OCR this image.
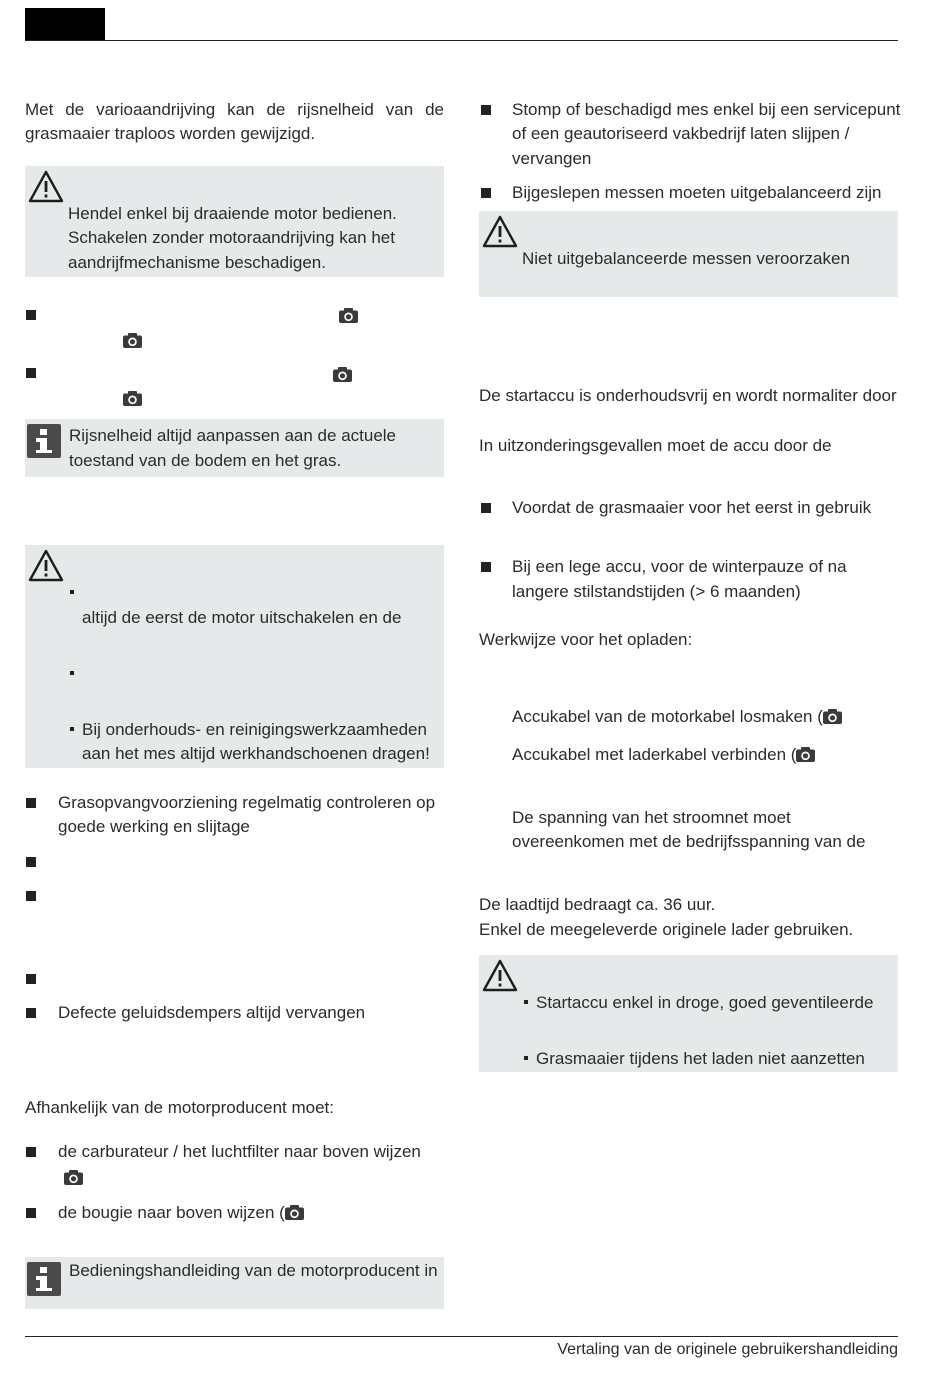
Met de varioaandrijving kan de rijsnelheid van de
grasmaaier traploos worden gewijzigd.
Hendel enkel bij draaiende motor bedienen.
Schakelen zonder motoraandrijving kan het
aandrijfmechanisme beschadigen.
Rijsnelheid altijd aanpassen aan de actuele
toestand van de bodem en het gras.
altijd de eerst de motor uitschakelen en de
Bij onderhouds- en reinigingswerkzaamheden
aan het mes altijd werkhandschoenen dragen!
Grasopvangvoorziening regelmatig controleren op
goede werking en slijtage
Defecte geluidsdempers altijd vervangen
Afhankelijk van de motorproducent moet:
de carburateur / het luchtfilter naar boven wijzen
de bougie naar boven wijzen (
Bedieningshandleiding van de motorproducent in
Stomp of beschadigd mes enkel bij een servicepunt
of een geautoriseerd vakbedrijf laten slijpen /
vervangen
Bijgeslepen messen moeten uitgebalanceerd zijn
Niet uitgebalanceerde messen veroorzaken
De startaccu is onderhoudsvrij en wordt normaliter door
In uitzonderingsgevallen moet de accu door de
Voordat de grasmaaier voor het eerst in gebruik
Bij een lege accu, voor de winterpauze of na
langere stilstandstijden (> 6 maanden)
Werkwijze voor het opladen:
Accukabel van de motorkabel losmaken (
Accukabel met laderkabel verbinden (
De spanning van het stroomnet moet
overeenkomen met de bedrijfsspanning van de
De laadtijd bedraagt ca. 36 uur.
Enkel de meegeleverde originele lader gebruiken.
Startaccu enkel in droge, goed geventileerde
Grasmaaier tijdens het laden niet aanzetten
Vertaling van de originele gebruikershandleiding
